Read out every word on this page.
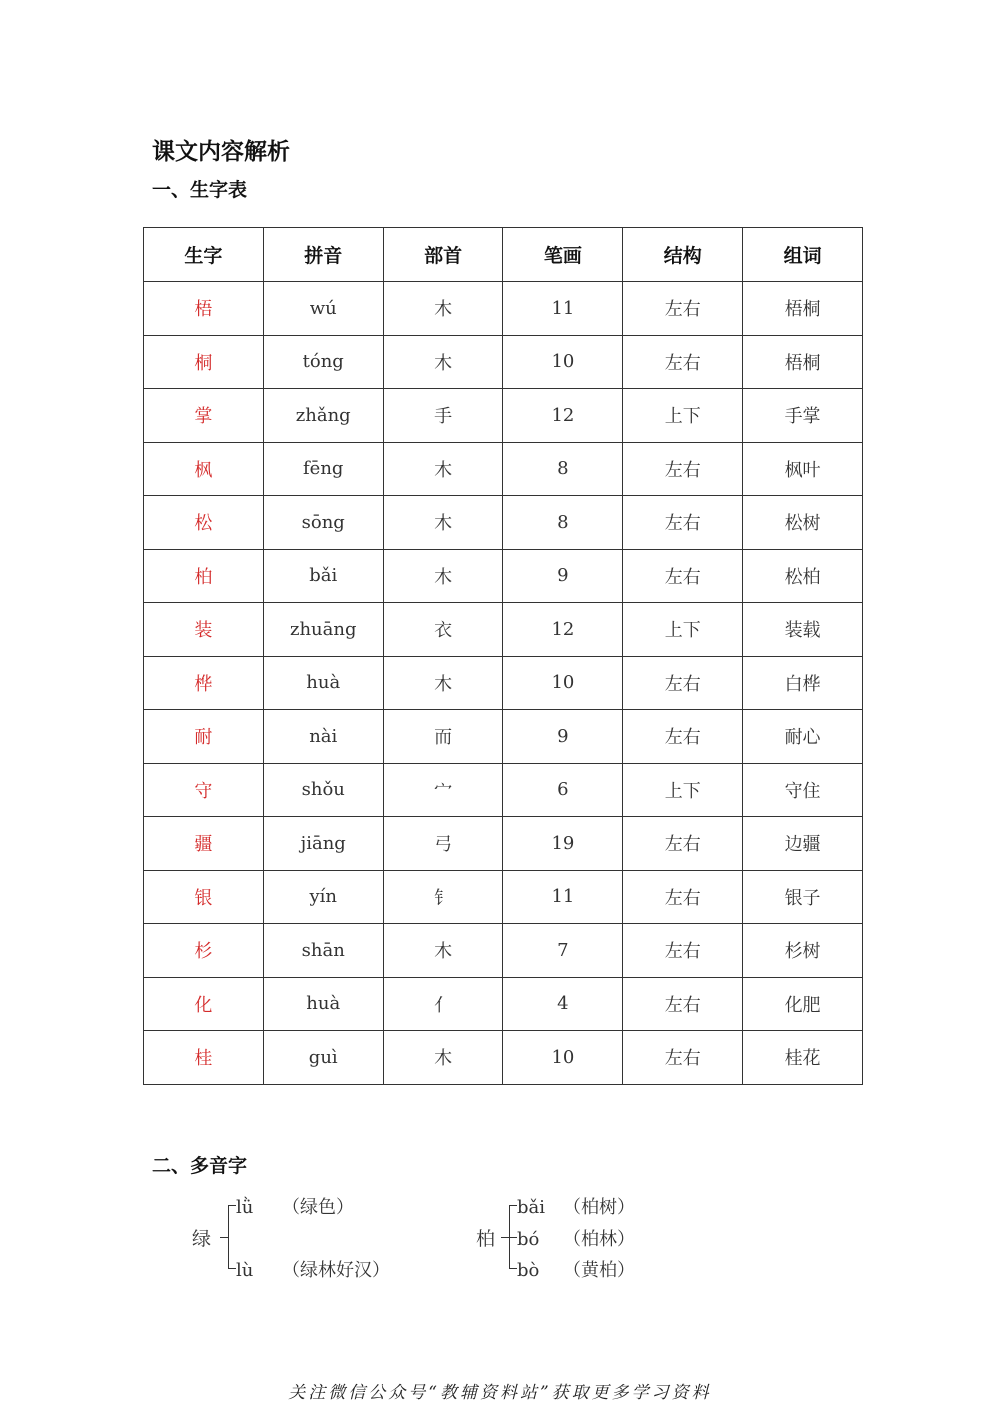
课文内容解析
一、生字表
生字	拼音	部首	笔画	结构	组词
梧	wú	木	11	左右	梧桐
桐	tóng	木	10	左右	梧桐
掌	zhǎng	手	12	上下	手掌
枫	fēng	木	8	左右	枫叶
松	sōng	木	8	左右	松树
柏	bǎi	木	9	左右	松柏
装	zhuāng	衣	12	上下	装载
桦	huà	木	10	左右	白桦
耐	nài	而	9	左右	耐心
守	shǒu	宀	6	上下	守住
疆	jiāng	弓	19	左右	边疆
银	yín	钅	11	左右	银子
杉	shān	木	7	左右	杉树
化	huà	亻	4	左右	化肥
桂	guì	木	10	左右	桂花
二、多音字
绿
lǜ （绿色）
lù （绿林好汉）
柏
bǎi （柏树）
bó （柏林）
bò （黄柏）
关注微信公众号“教辅资料站”获取更多学习资料
